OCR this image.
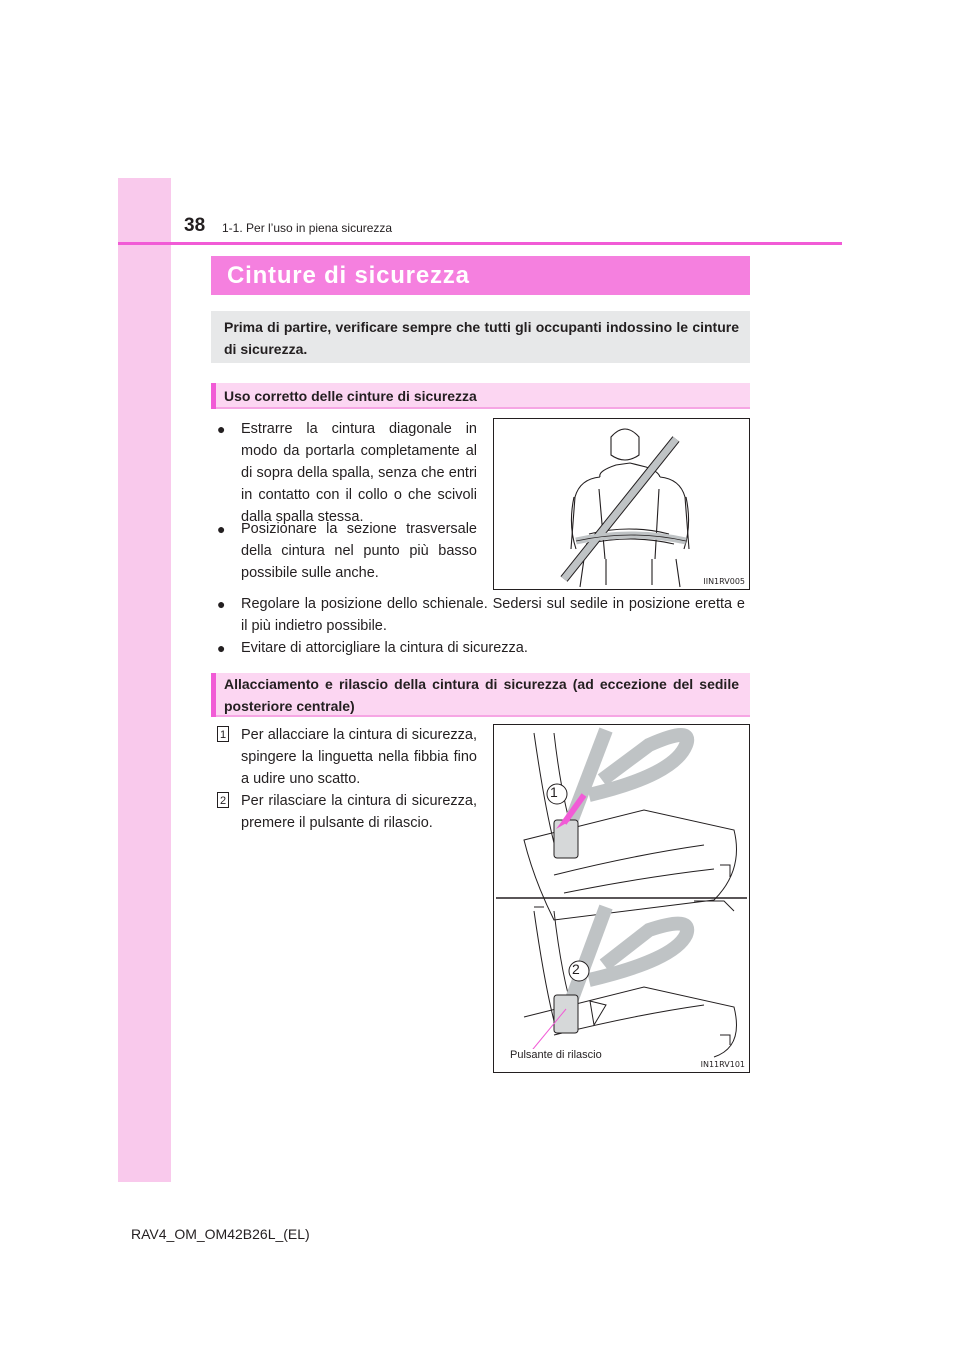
38 1-1. Per l’uso in piena sicurezza
Cinture di sicurezza
Prima di partire, verificare sempre che tutti gli occupanti indossino le cinture di sicurezza.
Uso corretto delle cinture di sicurezza
● Estrarre la cintura diagonale in modo da portarla completamente al di sopra della spalla, senza che entri in contatto con il collo o che scivoli dalla spalla stessa.
● Posizionare la sezione trasversale della cintura nel punto più basso possibile sulle anche.
● Regolare la posizione dello schienale. Sedersi sul sedile in posizione eretta e il più indietro possibile.
● Evitare di attorcigliare la cintura di sicurezza.
IIN1RV005
Allacciamento e rilascio della cintura di sicurezza (ad eccezione del sedile posteriore centrale)
1 Per allacciare la cintura di sicurezza, spingere la linguetta nella fibbia fino a udire uno scatto.
2 Per rilasciare la cintura di sicurezza, premere il pulsante di rilascio.
1
2
Pulsante di rilascio
IN11RV101
RAV4_OM_OM42B26L_(EL)
